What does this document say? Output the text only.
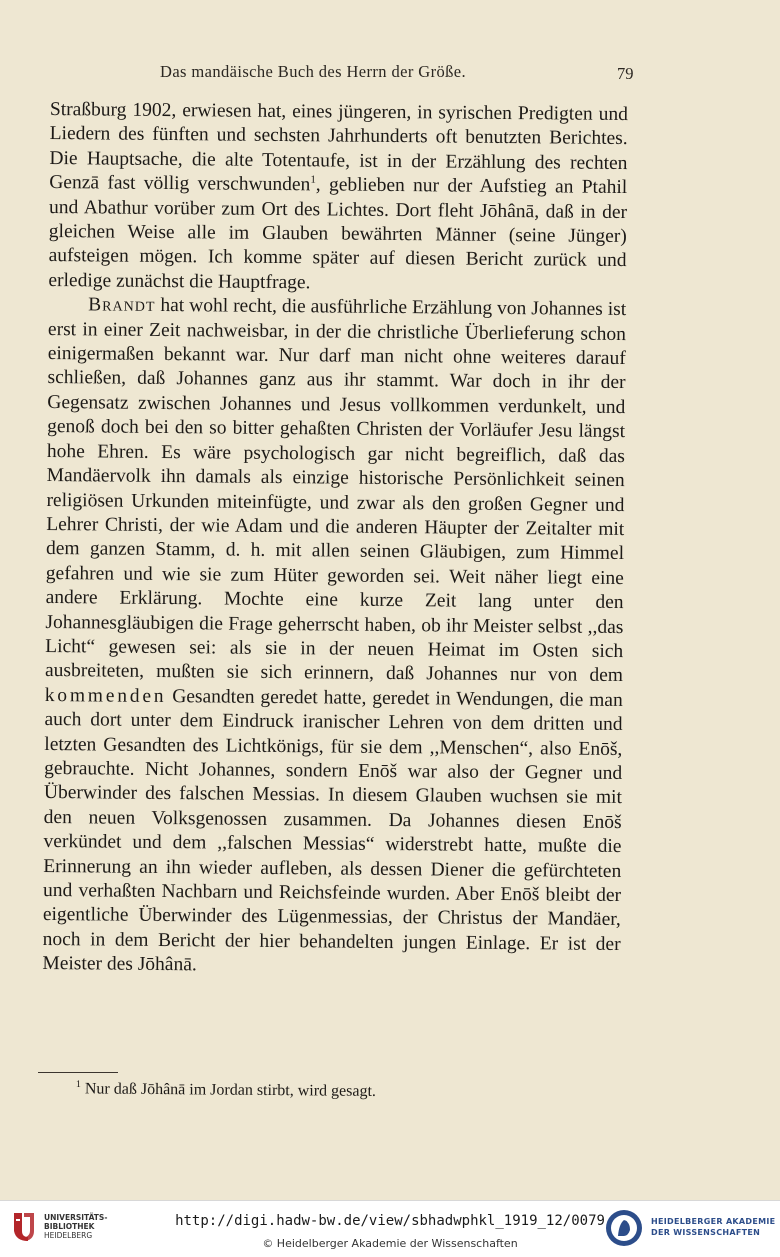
Das mandäische Buch des Herrn der Größe.	79

Straßburg 1902, erwiesen hat, eines jüngeren, in syrischen Predigten und Liedern des fünften und sechsten Jahrhunderts oft benutzten Berichtes. Die Hauptsache, die alte Totentaufe, ist in der Erzählung des rechten Genzā fast völlig verschwunden$^1$, geblieben nur der Aufstieg an Ptahil und Abathur vorüber zum Ort des Lichtes. Dort fleht Jōhânā, daß in der gleichen Weise alle im Glauben bewährten Männer (seine Jünger) aufsteigen mögen. Ich komme später auf diesen Bericht zurück und erledige zunächst die Hauptfrage.

Brandt hat wohl recht, die ausführliche Erzählung von Johannes ist erst in einer Zeit nachweisbar, in der die christliche Überlieferung schon einigermaßen bekannt war. Nur darf man nicht ohne weiteres darauf schließen, daß Johannes ganz aus ihr stammt. War doch in ihr der Gegensatz zwischen Johannes und Jesus vollkommen verdunkelt, und genoß doch bei den so bitter gehaßten Christen der Vorläufer Jesu längst hohe Ehren. Es wäre psychologisch gar nicht begreiflich, daß das Mandäervolk ihn damals als einzige historische Persönlichkeit seinen religiösen Urkunden miteinfügte, und zwar als den großen Gegner und Lehrer Christi, der wie Adam und die anderen Häupter der Zeitalter mit dem ganzen Stamm, d. h. mit allen seinen Gläubigen, zum Himmel gefahren und wie sie zum Hüter geworden sei. Weit näher liegt eine andere Erklärung. Mochte eine kurze Zeit lang unter den Johannesgläubigen die Frage geherrscht haben, ob ihr Meister selbst ,,das Licht“ gewesen sei: als sie in der neuen Heimat im Osten sich ausbreiteten, mußten sie sich erinnern, daß Johannes nur von dem kommenden Gesandten geredet hatte, geredet in Wendungen, die man auch dort unter dem Eindruck iranischer Lehren von dem dritten und letzten Gesandten des Lichtkönigs, für sie dem ,,Menschen“, also Enōš, gebrauchte. Nicht Johannes, sondern Enōš war also der Gegner und Überwinder des falschen Messias. In diesem Glauben wuchsen sie mit den neuen Volksgenossen zusammen. Da Johannes diesen Enōš verkündet und dem ,,falschen Messias“ widerstrebt hatte, mußte die Erinnerung an ihn wieder aufleben, als dessen Diener die gefürchteten und verhaßten Nachbarn und Reichsfeinde wurden. Aber Enōš bleibt der eigentliche Überwinder des Lügenmessias, der Christus der Mandäer, noch in dem Bericht der hier behandelten jungen Einlage. Er ist der Meister des Jōhânā.

$^1$ Nur daß Jōhânā im Jordan stirbt, wird gesagt.
UNIVERSITÄTS-
BIBLIOTHEK
HEIDELBERG
http://digi.hadw-bw.de/view/sbhadwphkl_1919_12/0079
© Heidelberger Akademie der Wissenschaften
HEIDELBERGER AKADEMIE
DER WISSENSCHAFTEN
